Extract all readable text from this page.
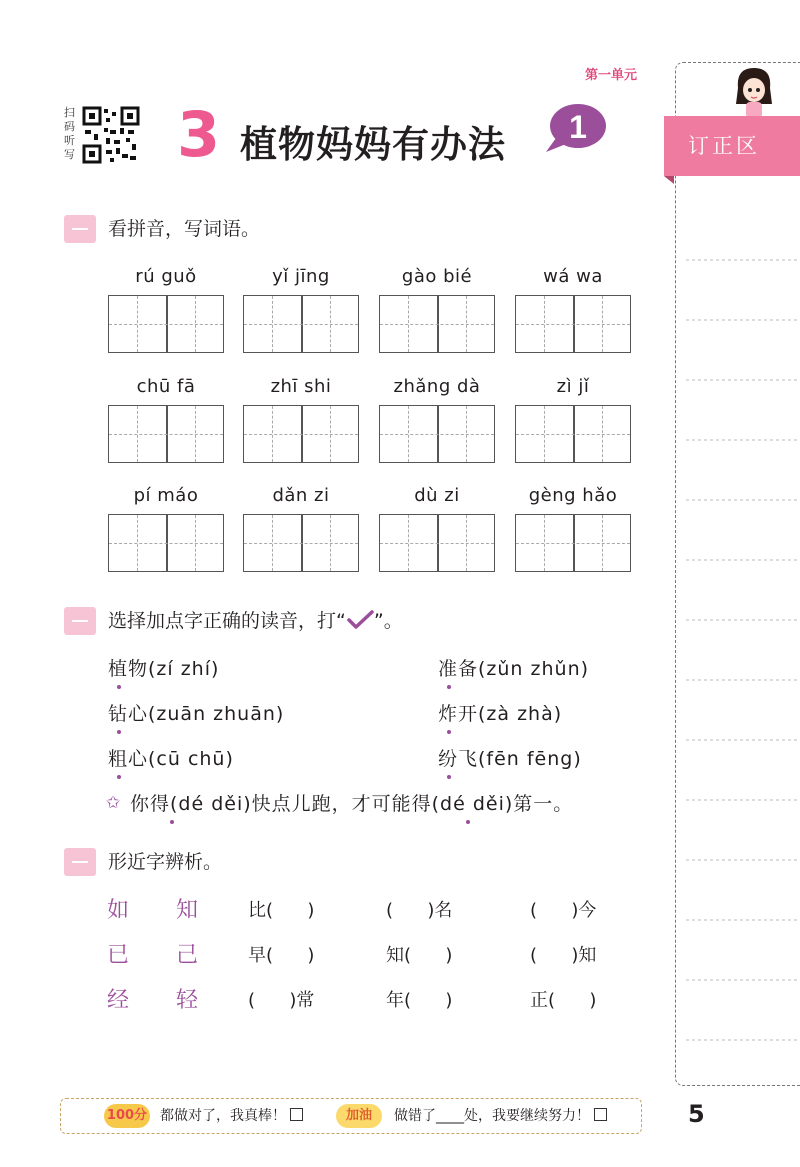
第一单元
扫码听写 3 植物妈妈有办法 1
订正区
看拼音，写词语。
rú guǒ	yǐ jīng	gào bié	wá wa
chū fā	zhī shi	zhǎng dà	zì jǐ
pí máo	dǎn zi	dù zi	gèng hǎo
选择加点字正确的读音，打“ ”。
植物(zí zhí)	准备(zǔn zhǔn)
钻心(zuān zhuān)	炸开(zà zhà)
粗心(cū chū)	纷飞(fēn fēng)
✩ 你得(dé děi)快点儿跑，才可能得(dé děi)第一。
形近字辨析。
如 知	比(      )	(      )名	(      )今
已 己	早(      )	知(      )	(      )知
经 轻	(      )常	年(      )	正(      )
100分 都做对了，我真棒！	加油	做错了____处，我要继续努力！	5
